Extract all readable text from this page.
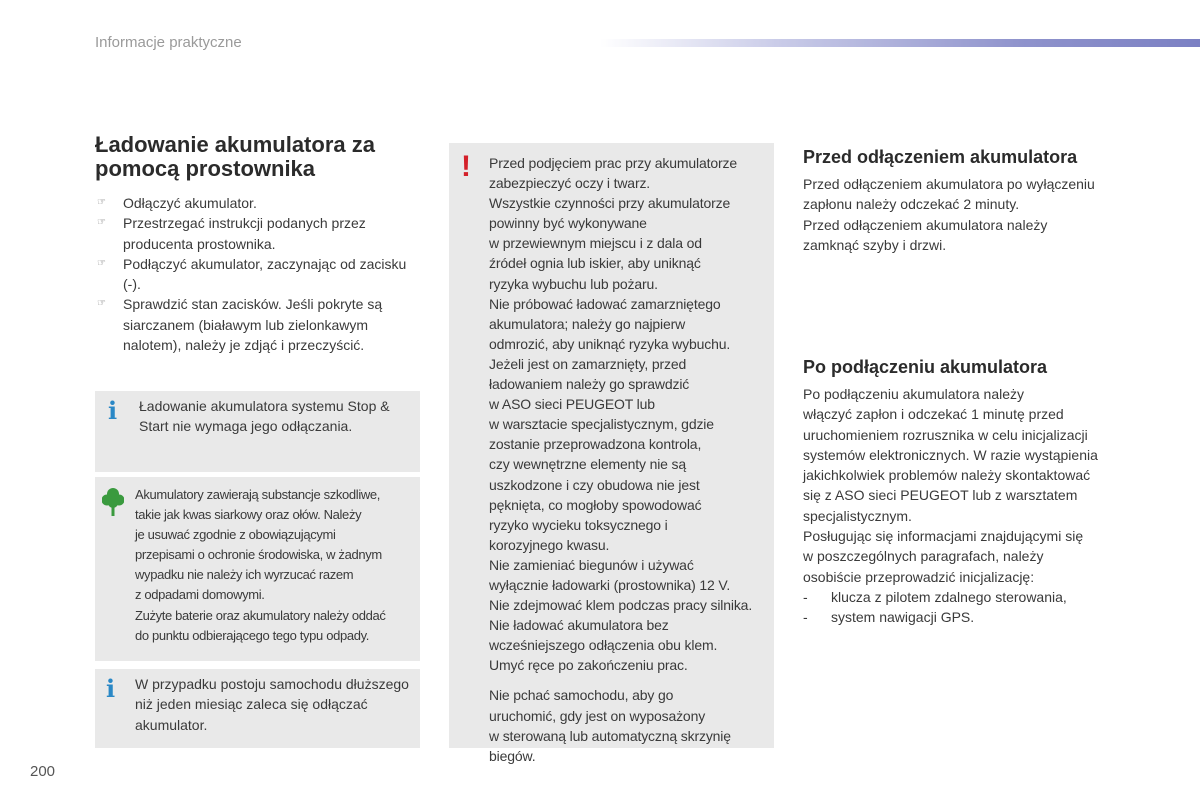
Informacje praktyczne
Ładowanie akumulatora za pomocą prostownika
☞ Odłączyć akumulator.
☞ Przestrzegać instrukcji podanych przez producenta prostownika.
☞ Podłączyć akumulator, zaczynając od zacisku (-).
☞ Sprawdzić stan zacisków. Jeśli pokryte są siarczanem (białawym lub zielonkawym nalotem), należy je zdjąć i przeczyścić.
i Ładowanie akumulatora systemu Stop & Start nie wymaga jego odłączania.

Akumulatory zawierają substancje szkodliwe,
takie jak kwas siarkowy oraz ołów. Należy
je usuwać zgodnie z obowiązującymi
przepisami o ochronie środowiska, w żadnym
wypadku nie należy ich wyrzucać razem
z odpadami domowymi.
Zużyte baterie oraz akumulatory należy oddać
do punktu odbierającego tego typu odpady.
i W przypadku postoju samochodu dłuższego niż jeden miesiąc zaleca się odłączać akumulator.

! Przed podjęciem prac przy akumulatorze
zabezpieczyć oczy i twarz.
Wszystkie czynności przy akumulatorze
powinny być wykonywane
w przewiewnym miejscu i z dala od
źródeł ognia lub iskier, aby uniknąć
ryzyka wybuchu lub pożaru.
Nie próbować ładować zamarzniętego
akumulatora; należy go najpierw
odmrozić, aby uniknąć ryzyka wybuchu.
Jeżeli jest on zamarznięty, przed
ładowaniem należy go sprawdzić
w ASO sieci PEUGEOT lub
w warsztacie specjalistycznym, gdzie
zostanie przeprowadzona kontrola,
czy wewnętrzne elementy nie są
uszkodzone i czy obudowa nie jest
pęknięta, co mogłoby spowodować
ryzyko wycieku toksycznego i
korozyjnego kwasu.
Nie zamieniać biegunów i używać
wyłącznie ładowarki (prostownika) 12 V.
Nie zdejmować klem podczas pracy silnika.
Nie ładować akumulatora bez
wcześniejszego odłączenia obu klem.
Umyć ręce po zakończeniu prac.
Nie pchać samochodu, aby go
uruchomić, gdy jest on wyposażony
w sterowaną lub automatyczną skrzynię
biegów.
Przed odłączeniem akumulatora
Przed odłączeniem akumulatora po wyłączeniu
zapłonu należy odczekać 2 minuty.
Przed odłączeniem akumulatora należy
zamknąć szyby i drzwi.
Po podłączeniu akumulatora
Po podłączeniu akumulatora należy
włączyć zapłon i odczekać 1 minutę przed
uruchomieniem rozrusznika w celu inicjalizacji
systemów elektronicznych. W razie wystąpienia
jakichkolwiek problemów należy skontaktować
się z ASO sieci PEUGEOT lub z warsztatem
specjalistycznym.
Posługując się informacjami znajdującymi się
w poszczególnych paragrafach, należy
osobiście przeprowadzić inicjalizację:
- klucza z pilotem zdalnego sterowania,
- system nawigacji GPS.
200
